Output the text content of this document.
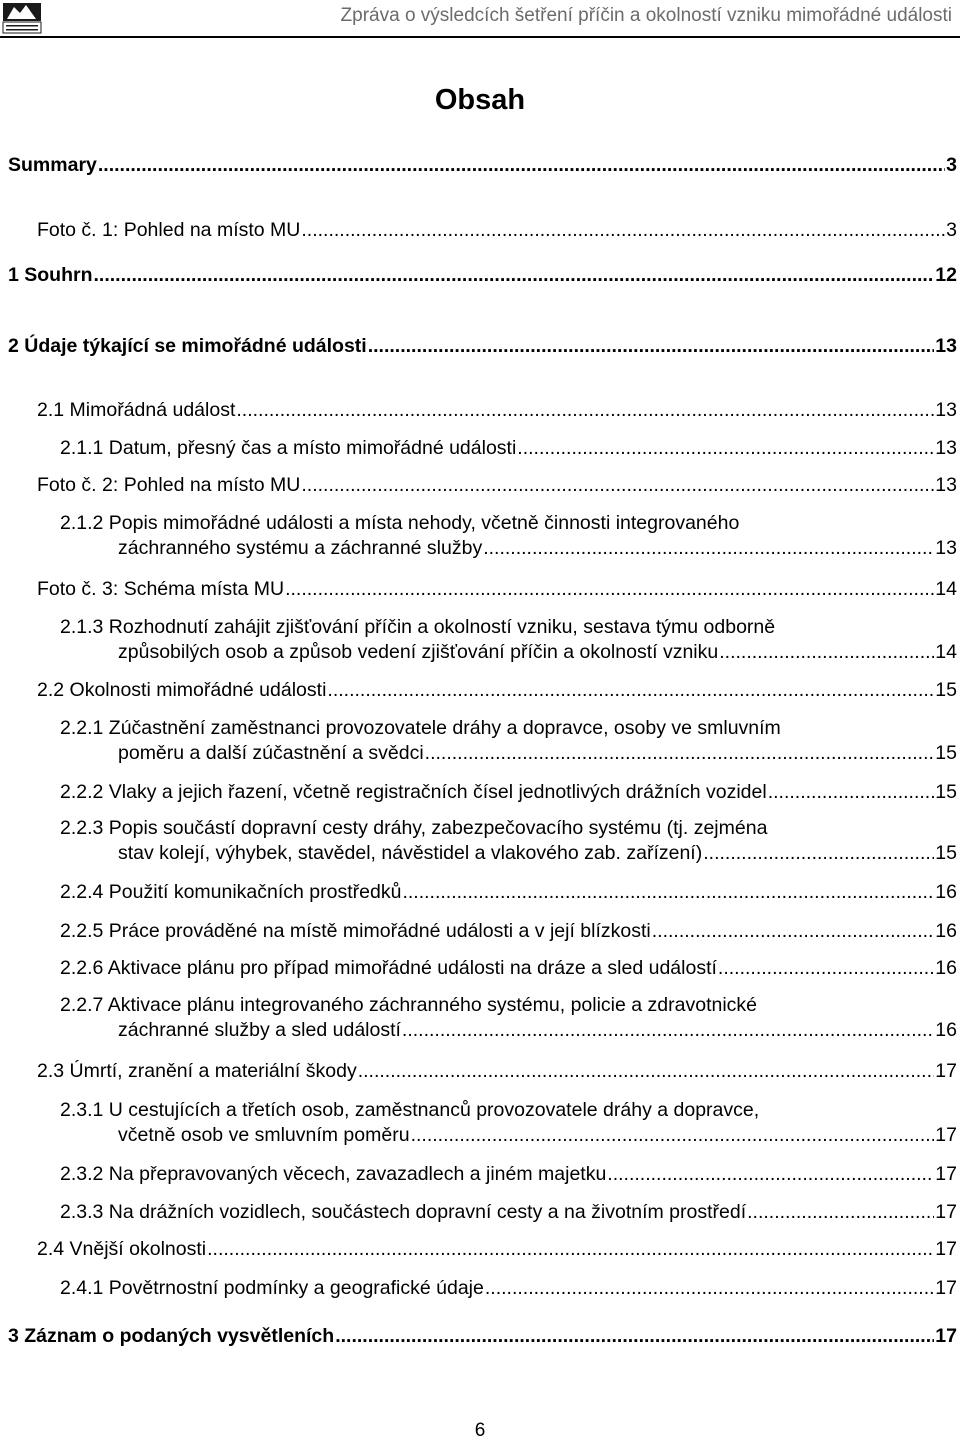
Zpráva o výsledcích šetření příčin a okolností vzniku mimořádné události
Obsah
Summary .....	3
Foto č. 1: Pohled na místo MU .....	3
1 Souhrn .....	12
2 Údaje týkající se mimořádné události .....	13
2.1 Mimořádná událost .....	13
2.1.1 Datum, přesný čas a místo mimořádné události .....	13
Foto č. 2: Pohled na místo MU .....	13
2.1.2 Popis mimořádné události a místa nehody, včetně činnosti integrovaného
záchranného systému a záchranné služby .....	13
Foto č. 3: Schéma místa MU .....	14
2.1.3 Rozhodnutí zahájit zjišťování příčin a okolností vzniku, sestava týmu odborně
způsobilých osob a způsob vedení zjišťování příčin a okolností vzniku .....	14
2.2 Okolnosti mimořádné události .....	15
2.2.1 Zúčastnění zaměstnanci provozovatele dráhy a dopravce, osoby ve smluvním
poměru a další zúčastnění a svědci .....	15
2.2.2 Vlaky a jejich řazení, včetně registračních čísel jednotlivých drážních vozidel .....	15
2.2.3 Popis součástí dopravní cesty dráhy, zabezpečovacího systému (tj. zejména
stav kolejí, výhybek, stavědel, návěstidel a vlakového zab. zařízení) .....	15
2.2.4 Použití komunikačních prostředků .....	16
2.2.5 Práce prováděné na místě mimořádné události a v její blízkosti .....	16
2.2.6 Aktivace plánu pro případ mimořádné události na dráze a sled událostí .....	16
2.2.7 Aktivace plánu integrovaného záchranného systému, policie a zdravotnické
záchranné služby a sled událostí .....	16
2.3 Úmrtí, zranění a materiální škody .....	17
2.3.1 U cestujících a třetích osob, zaměstnanců provozovatele dráhy a dopravce,
včetně osob ve smluvním poměru .....	17
2.3.2 Na přepravovaných věcech, zavazadlech a jiném majetku .....	17
2.3.3 Na drážních vozidlech, součástech dopravní cesty a na životním prostředí .....	17
2.4 Vnější okolnosti .....	17
2.4.1 Povětrnostní podmínky a geografické údaje .....	17
3 Záznam o podaných vysvětleních .....	17
6
